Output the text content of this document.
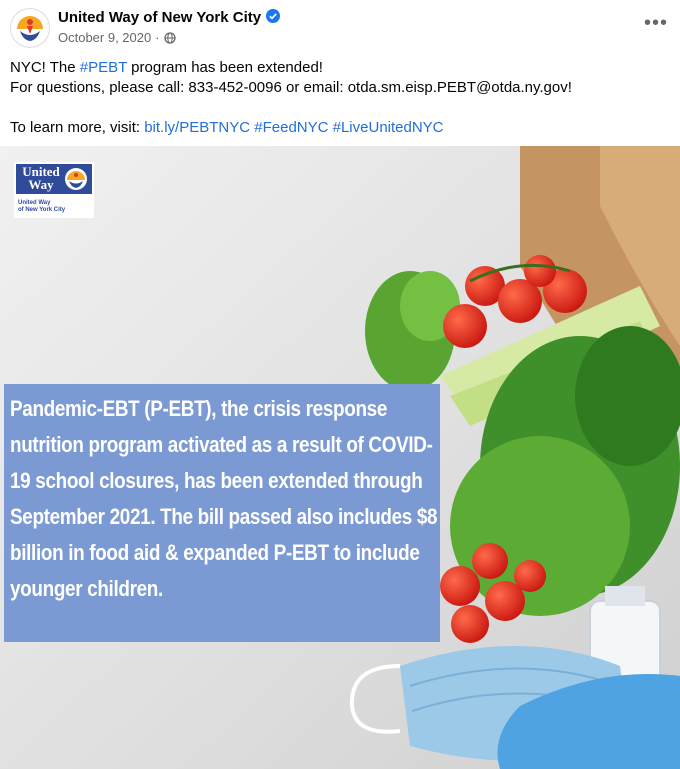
United Way of New York City
October 9, 2020 ·
•••

NYC! The #PEBT program has been extended!

For questions, please call: 833-452-0096 or email: otda.sm.eisp.PEBT@otda.ny.gov!

To learn more, visit: bit.ly/PEBTNYC #FeedNYC #LiveUnitedNYC

United
Way
United Way
of New York City

Pandemic-EBT (P-EBT), the crisis response nutrition program activated as a result of COVID-19 school closures, has been extended through September 2021. The bill passed also includes $8 billion in food aid & expanded P-EBT to include younger children.
